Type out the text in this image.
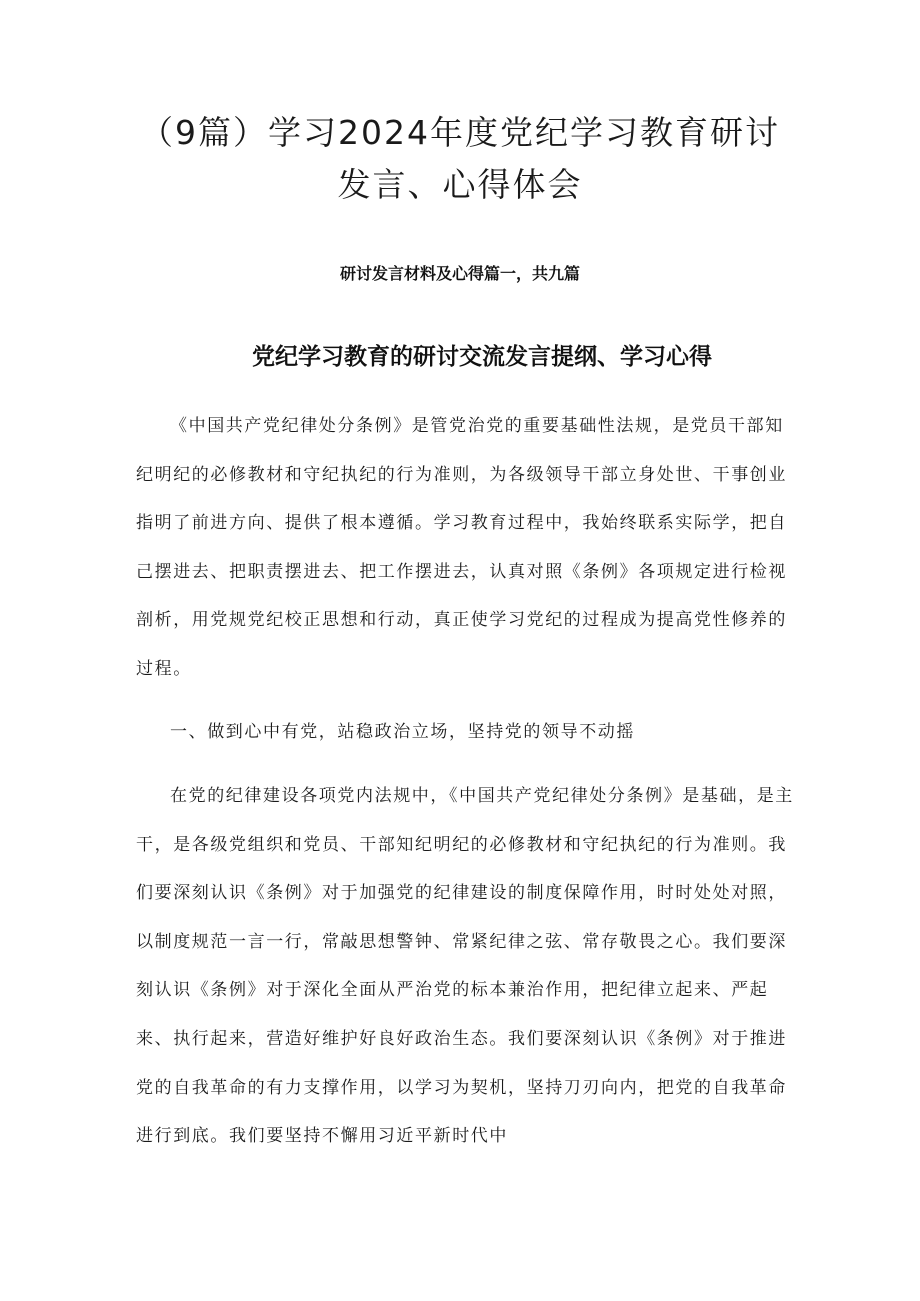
（9篇）学习2024年度党纪学习教育研讨
发言、心得体会

研讨发言材料及心得篇一，共九篇

党纪学习教育的研讨交流发言提纲、学习心得

《中国共产党纪律处分条例》是管党治党的重要基础性法规，是党员干部知纪明纪的必修教材和守纪执纪的行为准则，为各级领导干部立身处世、干事创业指明了前进方向、提供了根本遵循。学习教育过程中，我始终联系实际学，把自己摆进去、把职责摆进去、把工作摆进去，认真对照《条例》各项规定进行检视剖析，用党规党纪校正思想和行动，真正使学习党纪的过程成为提高党性修养的过程。

一、做到心中有党，站稳政治立场，坚持党的领导不动摇

在党的纪律建设各项党内法规中，《中国共产党纪律处分条例》是基础，是主干，是各级党组织和党员、干部知纪明纪的必修教材和守纪执纪的行为准则。我们要深刻认识《条例》对于加强党的纪律建设的制度保障作用，时时处处对照，以制度规范一言一行，常敲思想警钟、常紧纪律之弦、常存敬畏之心。我们要深刻认识《条例》对于深化全面从严治党的标本兼治作用，把纪律立起来、严起来、执行起来，营造好维护好良好政治生态。我们要深刻认识《条例》对于推进党的自我革命的有力支撑作用，以学习为契机，坚持刀刃向内，把党的自我革命进行到底。我们要坚持不懈用习近平新时代中
